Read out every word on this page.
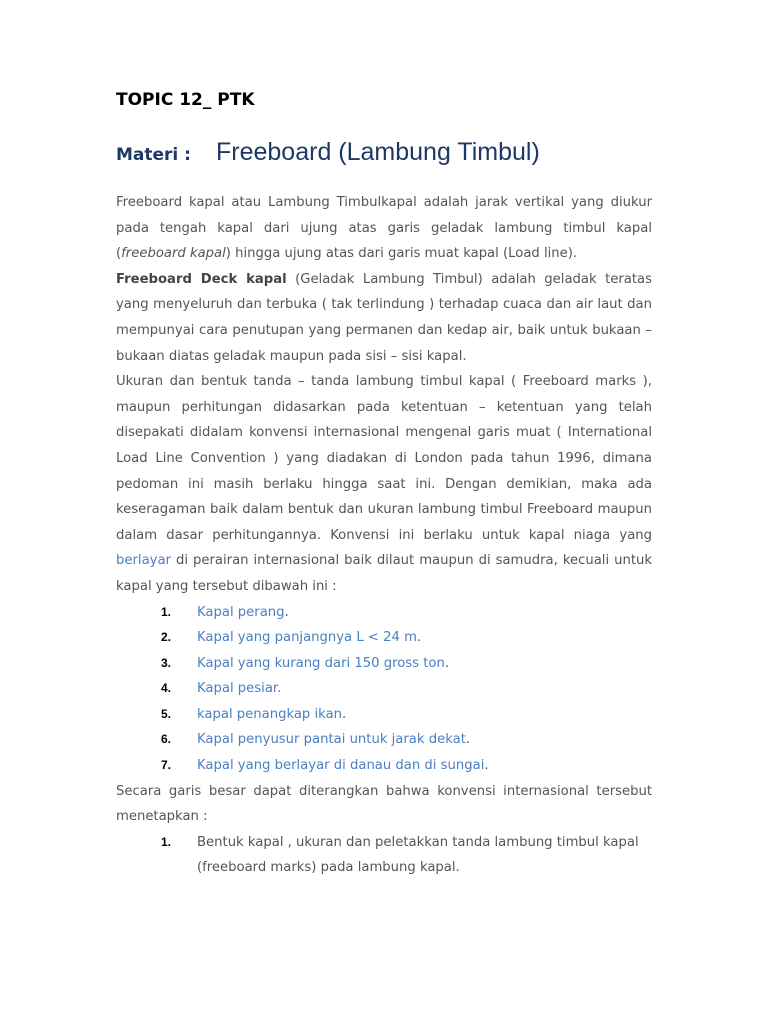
TOPIC 12_ PTK
Materi :	Freeboard (Lambung Timbul)

Freeboard kapal atau Lambung Timbulkapal adalah jarak vertikal yang diukur pada tengah kapal dari ujung atas garis geladak lambung timbul kapal (freeboard kapal) hingga ujung atas dari garis muat kapal (Load line).

Freeboard Deck kapal (Geladak Lambung Timbul) adalah geladak teratas yang menyeluruh dan terbuka ( tak terlindung ) terhadap cuaca dan air laut dan mempunyai cara penutupan yang permanen dan kedap air, baik untuk bukaan – bukaan diatas geladak maupun pada sisi – sisi kapal.

Ukuran dan bentuk tanda – tanda lambung timbul kapal ( Freeboard marks ), maupun perhitungan didasarkan pada ketentuan – ketentuan yang telah disepakati didalam konvensi internasional mengenal garis muat ( International Load Line Convention ) yang diadakan di London pada tahun 1996, dimana pedoman ini masih berlaku hingga saat ini. Dengan demikian, maka ada keseragaman baik dalam bentuk dan ukuran lambung timbul Freeboard maupun dalam dasar perhitungannya. Konvensi ini berlaku untuk kapal niaga yang berlayar di perairan internasional baik dilaut maupun di samudra, kecuali untuk kapal yang tersebut dibawah ini :

1.	Kapal perang.
2.	Kapal yang panjangnya L < 24 m.
3.	Kapal yang kurang dari 150 gross ton.
4.	Kapal pesiar.
5.	kapal penangkap ikan.
6.	Kapal penyusur pantai untuk jarak dekat.
7.	Kapal yang berlayar di danau dan di sungai.

Secara garis besar dapat diterangkan bahwa konvensi internasional tersebut menetapkan :

1.	Bentuk kapal , ukuran dan peletakkan tanda lambung timbul kapal (freeboard marks) pada lambung kapal.
